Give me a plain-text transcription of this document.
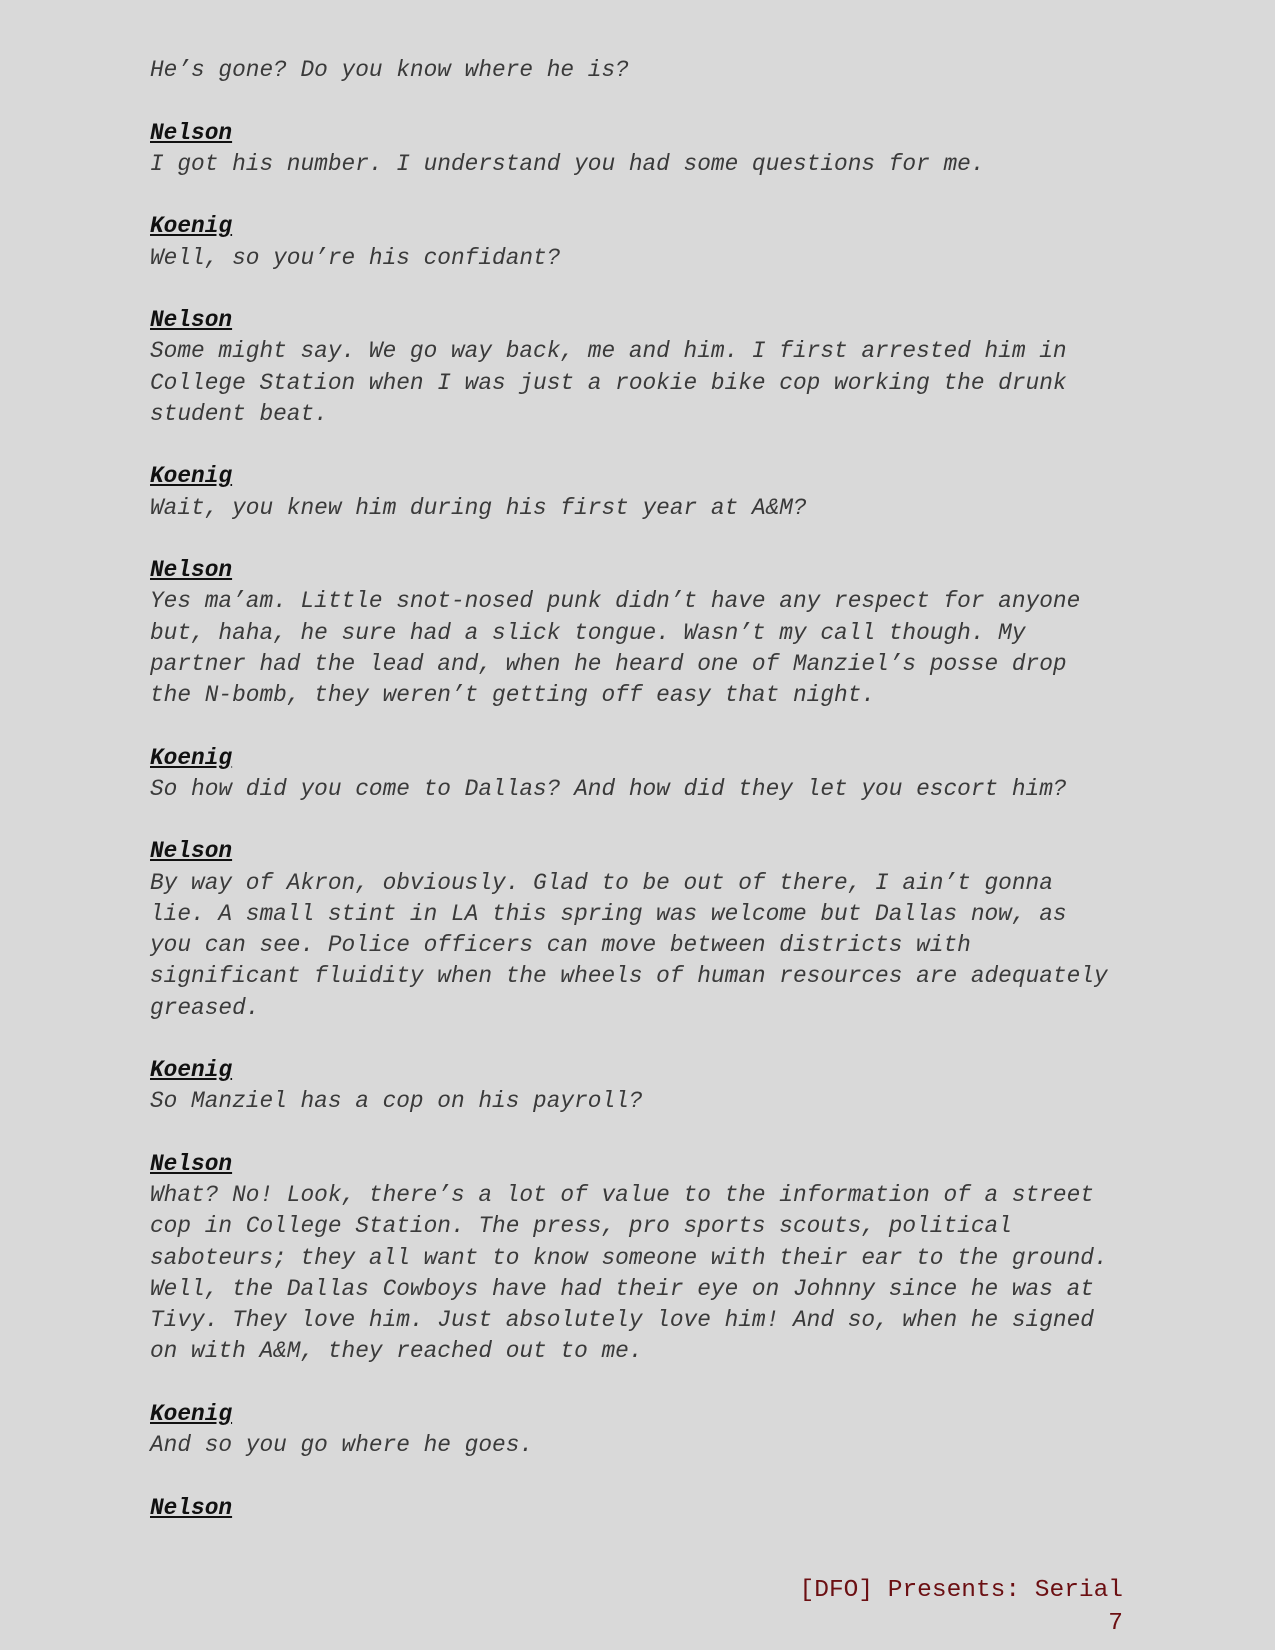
He’s gone? Do you know where he is?
Nelson
I got his number. I understand you had some questions for me.
Koenig
Well, so you’re his confidant?
Nelson
Some might say. We go way back, me and him. I first arrested him in
College Station when I was just a rookie bike cop working the drunk
student beat.
Koenig
Wait, you knew him during his first year at A&M?
Nelson
Yes ma’am. Little snot-nosed punk didn’t have any respect for anyone
but, haha, he sure had a slick tongue. Wasn’t my call though. My
partner had the lead and, when he heard one of Manziel’s posse drop
the N-bomb, they weren’t getting off easy that night.
Koenig
So how did you come to Dallas? And how did they let you escort him?
Nelson
By way of Akron, obviously. Glad to be out of there, I ain’t gonna
lie. A small stint in LA this spring was welcome but Dallas now, as
you can see. Police officers can move between districts with
significant fluidity when the wheels of human resources are adequately
greased.
Koenig
So Manziel has a cop on his payroll?
Nelson
What? No! Look, there’s a lot of value to the information of a street
cop in College Station. The press, pro sports scouts, political
saboteurs; they all want to know someone with their ear to the ground.
Well, the Dallas Cowboys have had their eye on Johnny since he was at
Tivy. They love him. Just absolutely love him! And so, when he signed
on with A&M, they reached out to me.
Koenig
And so you go where he goes.
Nelson
[DFO] Presents: Serial
7
